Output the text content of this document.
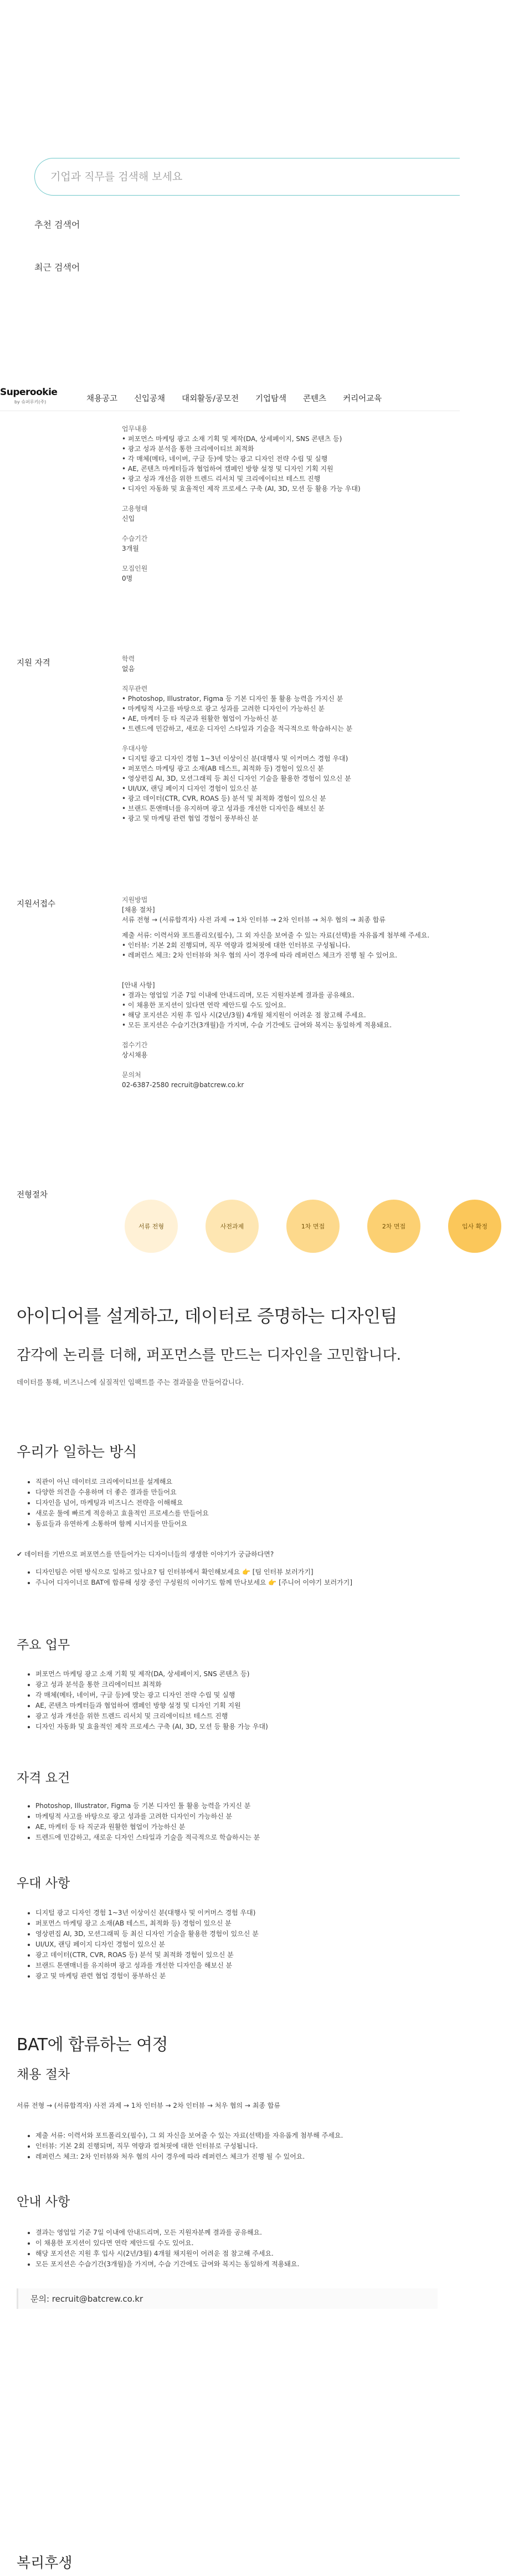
기업과 직무를 검색해 보세요
추천 검색어
최근 검색어
Superookie
by 슈퍼루키(주)	채용공고 신입공채 대외활동/공모전 기업탐색 콘텐츠 커리어교육
업무내용
• 퍼포먼스 마케팅 광고 소재 기획 및 제작(DA, 상세페이지, SNS 콘텐츠 등)
• 광고 성과 분석을 통한 크리에이티브 최적화
• 각 매체(메타, 네이버, 구글 등)에 맞는 광고 디자인 전략 수립 및 실행
• AE, 콘텐츠 마케터들과 협업하여 캠페인 방향 설정 및 디자인 기획 지원
• 광고 성과 개선을 위한 트렌드 리서치 및 크리에이티브 테스트 진행
• 디자인 자동화 및 효율적인 제작 프로세스 구축 (AI, 3D, 모션 등 활용 가능 우대)
고용형태
신입
수습기간
3개월
모집인원
0명
지원 자격	학력
없음
직무관련
• Photoshop, Illustrator, Figma 등 기본 디자인 툴 활용 능력을 가지신 분
• 마케팅적 사고를 바탕으로 광고 성과를 고려한 디자인이 가능하신 분
• AE, 마케터 등 타 직군과 원활한 협업이 가능하신 분
• 트렌드에 민감하고, 새로운 디자인 스타일과 기술을 적극적으로 학습하시는 분
우대사항
• 디지털 광고 디자인 경험 1~3년 이상이신 분(대행사 및 이커머스 경험 우대)
• 퍼포먼스 마케팅 광고 소재(AB 테스트, 최적화 등) 경험이 있으신 분
• 영상편집 AI, 3D, 모션그래픽 등 최신 디자인 기술을 활용한 경험이 있으신 분
• UI/UX, 랜딩 페이지 디자인 경험이 있으신 분
• 광고 데이터(CTR, CVR, ROAS 등) 분석 및 최적화 경험이 있으신 분
• 브랜드 톤앤매너를 유지하며 광고 성과를 개선한 디자인을 해보신 분
• 광고 및 마케팅 관련 협업 경험이 풍부하신 분
지원서접수	지원방법
[채용 절차]
서류 전형 → (서류합격자) 사전 과제 → 1차 인터뷰 → 2차 인터뷰 → 처우 협의 → 최종 합류
제출 서류: 이력서와 포트폴리오(필수), 그 외 자신을 보여줄 수 있는 자료(선택)를 자유롭게 첨부해 주세요.
• 인터뷰: 기본 2회 진행되며, 직무 역량과 컬쳐핏에 대한 인터뷰로 구성됩니다.
• 레퍼런스 체크: 2차 인터뷰와 처우 협의 사이 경우에 따라 레퍼런스 체크가 진행 될 수 있어요.
[안내 사항]
• 결과는 영업일 기준 7일 이내에 안내드리며, 모든 지원자분께 결과를 공유해요.
• 이 채용한 포지션이 있다면 연락 제안드릴 수도 있어요.
• 해당 포지션은 지원 후 입사 시(2년/3월) 4개월 채지원이 어려운 점 참고해 주세요.
• 모든 포지션은 수습기간(3개월)을 가지며, 수습 기간에도 급여와 복지는 동일하게 적용돼요.
접수기간
상시채용
문의처
02-6387-2580 recruit@batcrew.co.kr
전형절차
서류 전형	사전과제	1차 면접	2차 면접	입사 확정
아이디어를 설계하고, 데이터로 증명하는 디자인팀
감각에 논리를 더해, 퍼포먼스를 만드는 디자인을 고민합니다.
데이터를 통해, 비즈니스에 실질적인 임팩트를 주는 결과물을 만들어갑니다.
우리가 일하는 방식
• 직관이 아닌 데이터로 크리에이티브를 설계해요
• 다양한 의견을 수용하며 더 좋은 결과를 만들어요
• 디자인을 넘어, 마케팅과 비즈니스 전략을 이해해요
• 새로운 툴에 빠르게 적응하고 효율적인 프로세스를 만들어요
• 동료들과 유연하게 소통하며 함께 시너지를 만들어요
✔ 데이터를 기반으로 퍼포먼스를 만들어가는 디자이너들의 생생한 이야기가 궁금하다면?
• 디자인팀은 어떤 방식으로 일하고 있나요? 팀 인터뷰에서 확인해보세요 👉 [팀 인터뷰 보러가기]
• 주니어 디자이너로 BAT에 합류해 성장 중인 구성원의 이야기도 함께 만나보세요 👉 [주니어 이야기 보러가기]
주요 업무
• 퍼포먼스 마케팅 광고 소재 기획 및 제작(DA, 상세페이지, SNS 콘텐츠 등)
• 광고 성과 분석을 통한 크리에이티브 최적화
• 각 매체(메타, 네이버, 구글 등)에 맞는 광고 디자인 전략 수립 및 실행
• AE, 콘텐츠 마케터들과 협업하여 캠페인 방향 설정 및 디자인 기획 지원
• 광고 성과 개선을 위한 트렌드 리서치 및 크리에이티브 테스트 진행
• 디자인 자동화 및 효율적인 제작 프로세스 구축 (AI, 3D, 모션 등 활용 가능 우대)
자격 요건
• Photoshop, Illustrator, Figma 등 기본 디자인 툴 활용 능력을 가지신 분
• 마케팅적 사고를 바탕으로 광고 성과를 고려한 디자인이 가능하신 분
• AE, 마케터 등 타 직군과 원활한 협업이 가능하신 분
• 트렌드에 민감하고, 새로운 디자인 스타일과 기술을 적극적으로 학습하시는 분
우대 사항
• 디지털 광고 디자인 경험 1~3년 이상이신 분(대행사 및 이커머스 경험 우대)
• 퍼포먼스 마케팅 광고 소재(AB 테스트, 최적화 등) 경험이 있으신 분
• 영상편집 AI, 3D, 모션그래픽 등 최신 디자인 기술을 활용한 경험이 있으신 분
• UI/UX, 랜딩 페이지 디자인 경험이 있으신 분
• 광고 데이터(CTR, CVR, ROAS 등) 분석 및 최적화 경험이 있으신 분
• 브랜드 톤앤매너를 유지하며 광고 성과를 개선한 디자인을 해보신 분
• 광고 및 마케팅 관련 협업 경험이 풍부하신 분
BAT에 합류하는 여정
채용 절차
서류 전형 → (서류합격자) 사전 과제 → 1차 인터뷰 → 2차 인터뷰 → 처우 협의 → 최종 합류
• 제출 서류: 이력서와 포트폴리오(필수), 그 외 자신을 보여줄 수 있는 자료(선택)를 자유롭게 첨부해 주세요.
• 인터뷰: 기본 2회 진행되며, 직무 역량과 컬쳐핏에 대한 인터뷰로 구성됩니다.
• 레퍼런스 체크: 2차 인터뷰와 처우 협의 사이 경우에 따라 레퍼런스 체크가 진행 될 수 있어요.
안내 사항
• 결과는 영업일 기준 7일 이내에 안내드리며, 모든 지원자분께 결과를 공유해요.
• 이 채용한 포지션이 있다면 연락 제안드릴 수도 있어요.
• 해당 포지션은 지원 후 입사 시(2년/3월) 4개월 채지원이 어려운 점 참고해 주세요.
• 모든 포지션은 수습기간(3개월)을 가지며, 수습 기간에도 급여와 복지는 동일하게 적용돼요.
문의: recruit@batcrew.co.kr
복리후생
